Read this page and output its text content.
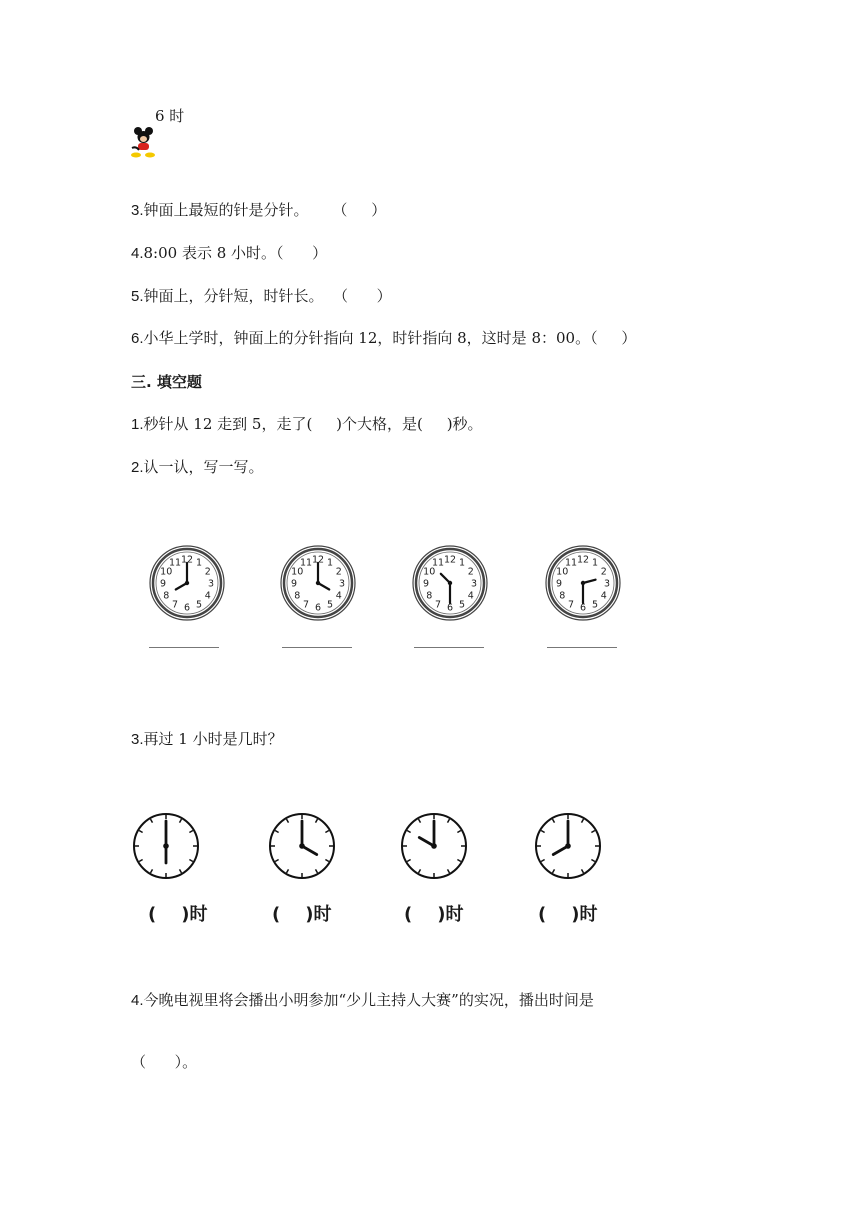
6 时
3.钟面上最短的针是分针。     （     ）
4.8:00 表示 8 小时。（      ）
5.钟面上，分针短，时针长。  （      ）
6.小华上学时，钟面上的分针指向 12，时针指向 8，这时是 8：00。（     ）
三. 填空题
1.秒针从 12 走到 5，走了(     )个大格，是(     )秒。
2.认一认，写一写。
12 1
2
3
4
5
6
7
8
9
10
11	12 1
2
3
4
5
6
7
8
9
10
11	12 1
2
3
4
5
6
7
8
9
10
11	12 1
2
3
4
5
6
7
8
9
10
11
3.再过 1 小时是几时？
(    )时	(    )时	(    )时	(    )时
4.今晚电视里将会播出小明参加“少儿主持人大赛”的实况，播出时间是
（      ）。
